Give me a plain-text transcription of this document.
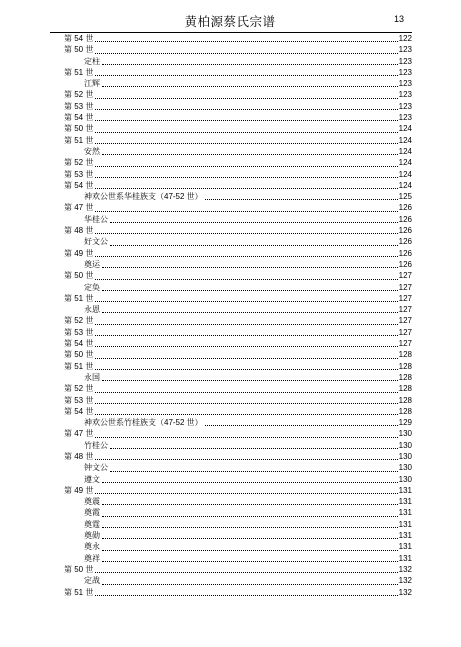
黄柏源蔡氏宗谱	13
第 54 世	122
第 50 世	123
定柱	123
第 51 世	123
江辉	123
第 52 世	123
第 53 世	123
第 54 世	123
第 50 世	124
第 51 世	124
安然	124
第 52 世	124
第 53 世	124
第 54 世	124
神欢公世系华桂族支（47-52 世）	125
第 47 世	126
华桂公	126
第 48 世	126
好文公	126
第 49 世	126
奠运	126
第 50 世	127
定奂	127
第 51 世	127
永恩	127
第 52 世	127
第 53 世	127
第 54 世	127
第 50 世	128
第 51 世	128
永国	128
第 52 世	128
第 53 世	128
第 54 世	128
神欢公世系竹桂族支（47-52 世）	129
第 47 世	130
竹桂公	130
第 48 世	130
钟文公	130
遵文	130
第 49 世	131
奠震	131
奠霞	131
奠霆	131
奠勋	131
奠永	131
奠祥	131
第 50 世	132
定战	132
第 51 世	132
